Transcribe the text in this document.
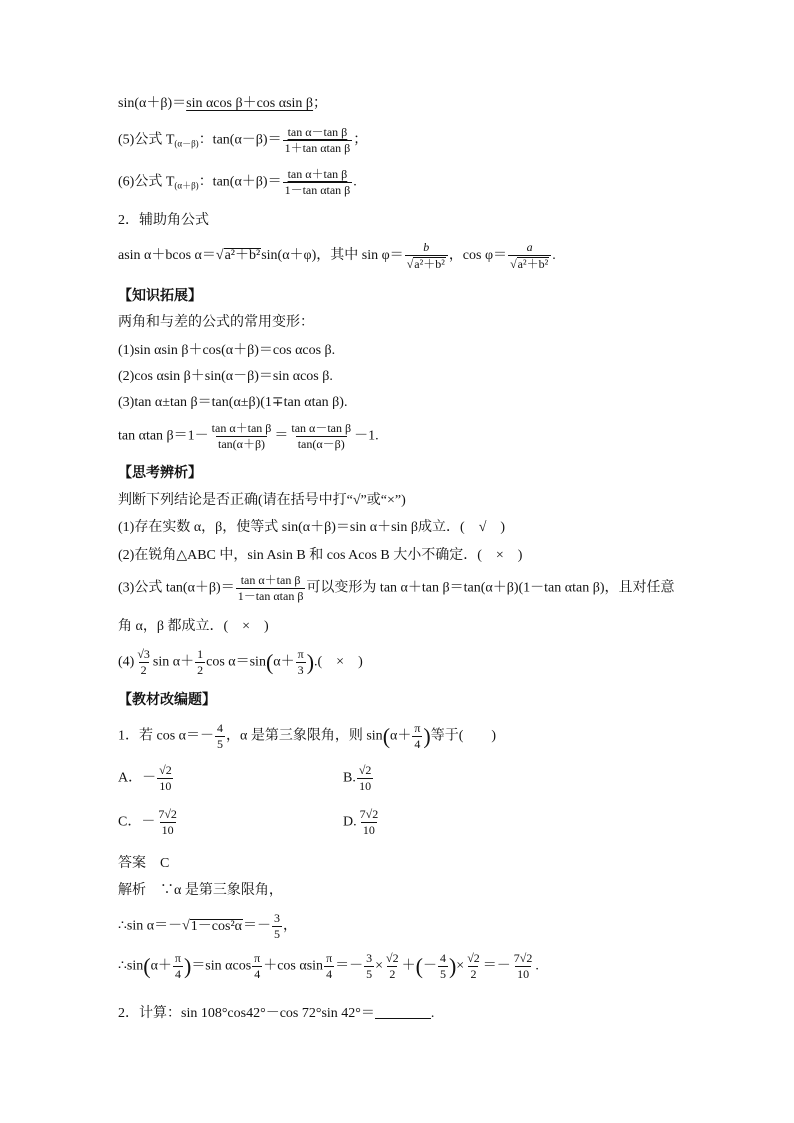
sin(α＋β)＝sin αcos β＋cos αsin β；
(5)公式 $T_{(\alpha-\beta)}$：$\tan(\alpha-\beta)= \frac{\text{tan α－tan β}}{\text{1＋tan αtan β}}$ ；
(6)公式 $T_{(\alpha+\beta)}$：$\tan(\alpha+\beta)= \frac{\text{tan α＋tan β}}{\text{1－tan αtan β}}$ .
2．辅助角公式
asin α＋bcos α＝√a²＋b²sin(α＋φ)，其中 $\sin \varphi= \frac{b}{\text{√a²＋b²}}$ ，$\cos \varphi= \frac{a}{\text{√a²＋b²}}$ .
【知识拓展】
两角和与差的公式的常用变形：
(1)sin αsin β＋cos(α＋β)＝cos αcos β.
(2)cos αsin β＋sin(α－β)＝sin αcos β.
(3)tan α±tan β＝tan(α±β)(1∓tan αtan β).
tan αtan $\beta=1- \frac{\text{tan α＋tan β}}{\tan(\alpha+\beta)} = \frac{\text{tan α－tan β}}{\tan(\alpha-\beta)} -1$.
【思考辨析】
判断下列结论是否正确(请在括号中打“√”或“×”)
(1)存在实数 α，β，使等式 sin(α＋β)＝sin α＋sin β成立．(　√　)
(2)在锐角△ABC 中，sin Asin B 和 cos Acos B 大小不确定．(　×　)
(3)公式 $\tan(\alpha+\beta)= \frac{\text{tan α＋tan β}}{\text{1－tan αtan β}}$ 可以变形为 tan α＋tan β＝tan(α＋β)(1－tan αtan β)，且对任意
角 α，β 都成立．(　×　)
$(4) \frac{√3}{2}$ $\sin \alpha+ \frac{1}{2}$ $\cos \alpha=\sin(\alpha+ \frac{\pi}{3}$ ).(　×　)
【教材改编题】
1．若 $\cos \alpha=- \frac{4}{5}$ ，α 是第三象限角，则 $\sin(\alpha+ \frac{\pi}{4}$ )等于(　　)
A．－ $\frac{√2}{10}$	B. $\frac{√2}{10}$
C．－ $\frac{7√2}{10}$	D. $\frac{7√2}{10}$
答案　C
解析　∵α 是第三象限角，
∴sin $\alpha=-√1-\cos^2\alpha=- \frac{3}{5}$ ，
∴sin(α＋ $\frac{\pi}{4} )=\sin$ αcos $\frac{\pi}{4} +\cos$ αsin $\frac{\pi}{4} =- \frac{3}{5} \times \frac{√2}{2}$ ＋(－ $\frac{4}{5}$ )× $\frac{√2}{2} =- \frac{7√2}{10}$ .
2．计算：sin 108°cos42°－cos 72°sin 42°＝	.
